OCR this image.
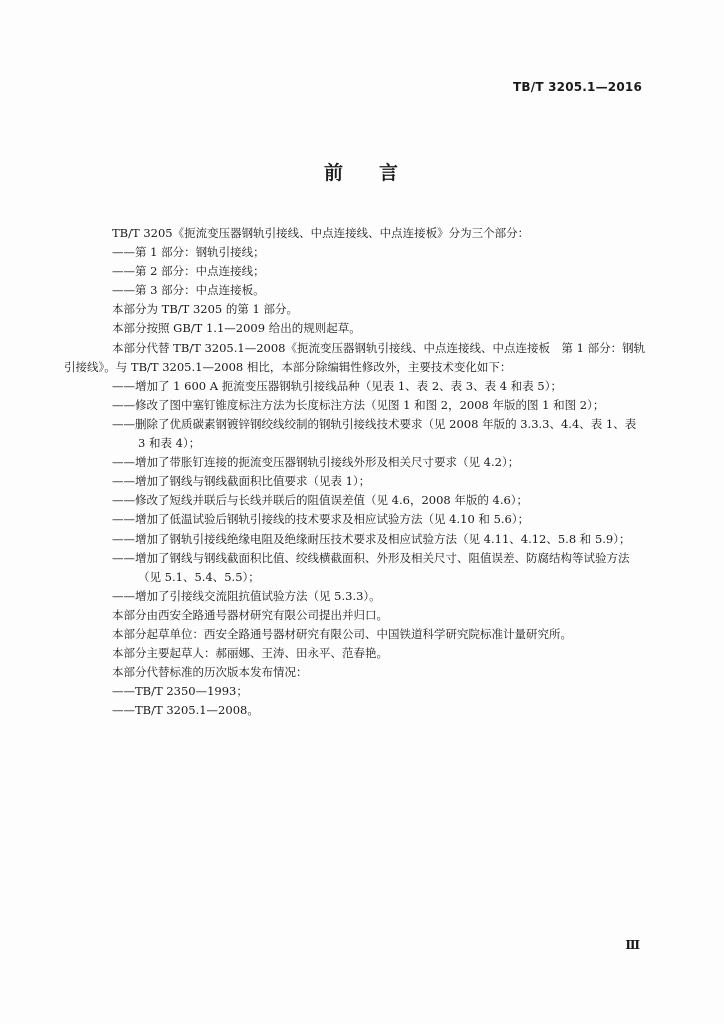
TB/T 3205.1—2016
前 言

TB/T 3205《扼流变压器钢轨引接线、中点连接线、中点连接板》分为三个部分：

——第 1 部分：钢轨引接线；

——第 2 部分：中点连接线；

——第 3 部分：中点连接板。

本部分为 TB/T 3205 的第 1 部分。

本部分按照 GB/T 1.1—2009 给出的规则起草。

本部分代替 TB/T 3205.1—2008《扼流变压器钢轨引接线、中点连接线、中点连接板　第 1 部分：钢轨引接线》。与 TB/T 3205.1—2008 相比，本部分除编辑性修改外，主要技术变化如下：

——增加了 1 600 A 扼流变压器钢轨引接线品种（见表 1、表 2、表 3、表 4 和表 5）；

——修改了图中塞钉锥度标注方法为长度标注方法（见图 1 和图 2，2008 年版的图 1 和图 2）；

——删除了优质碳素钢镀锌钢绞线绞制的钢轨引接线技术要求（见 2008 年版的 3.3.3、4.4、表 1、表 3 和表 4）；

——增加了带胀钉连接的扼流变压器钢轨引接线外形及相关尺寸要求（见 4.2）；

——增加了钢线与钢线截面积比值要求（见表 1）；

——修改了短线并联后与长线并联后的阻值误差值（见 4.6，2008 年版的 4.6）；

——增加了低温试验后钢轨引接线的技术要求及相应试验方法（见 4.10 和 5.6）；

——增加了钢轨引接线绝缘电阻及绝缘耐压技术要求及相应试验方法（见 4.11、4.12、5.8 和 5.9）；

——增加了钢线与钢线截面积比值、绞线横截面积、外形及相关尺寸、阻值误差、防腐结构等试验方法（见 5.1、5.4、5.5）；

——增加了引接线交流阻抗值试验方法（见 5.3.3）。

本部分由西安全路通号器材研究有限公司提出并归口。

本部分起草单位：西安全路通号器材研究有限公司、中国铁道科学研究院标准计量研究所。

本部分主要起草人：郝丽娜、王涛、田永平、范春艳。

本部分代替标准的历次版本发布情况：

——TB/T 2350—1993；

——TB/T 3205.1—2008。

Ⅲ
